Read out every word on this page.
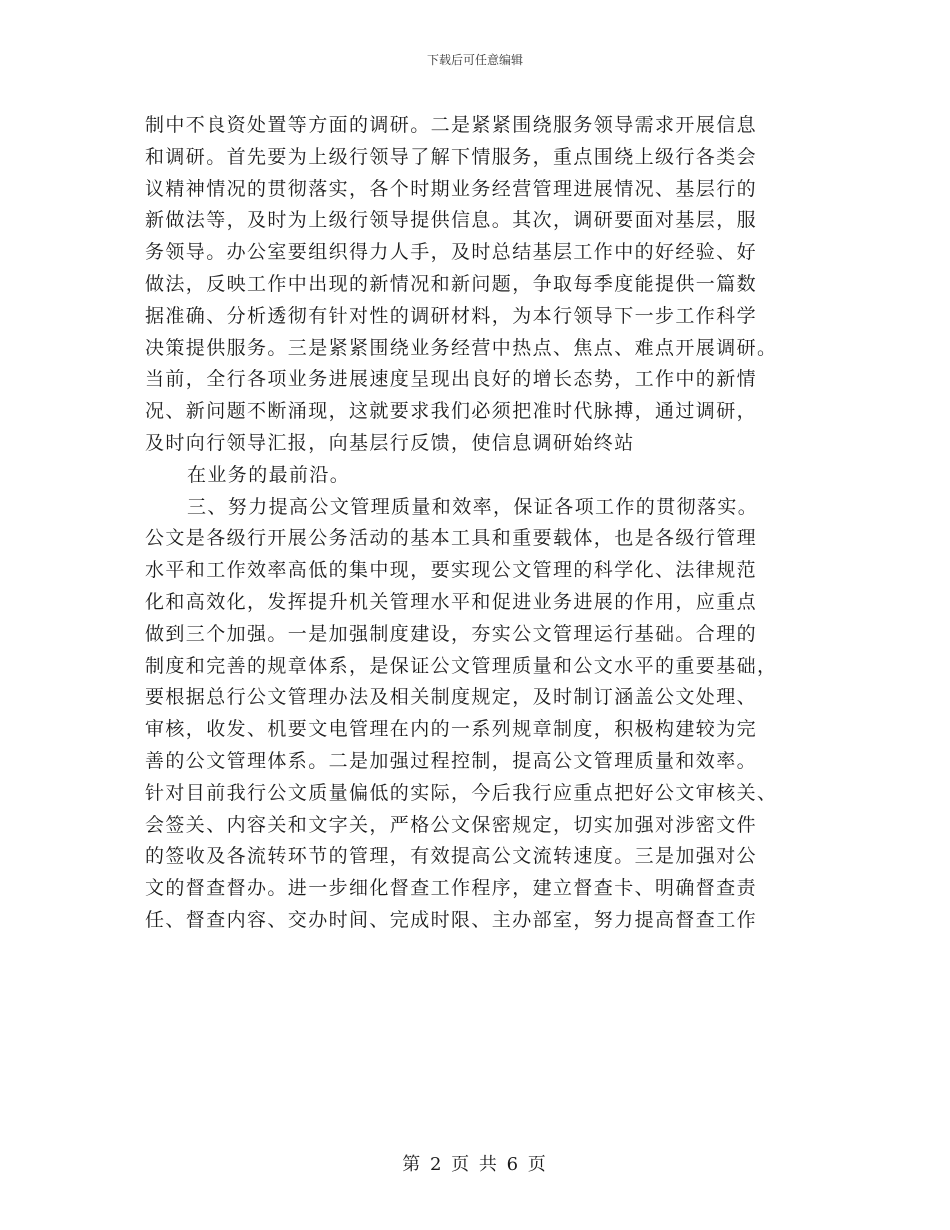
下载后可任意编辑
制中不良资处置等方面的调研。二是紧紧围绕服务领导需求开展信息
和调研。首先要为上级行领导了解下情服务，重点围绕上级行各类会
议精神情况的贯彻落实，各个时期业务经营管理进展情况、基层行的
新做法等，及时为上级行领导提供信息。其次，调研要面对基层，服
务领导。办公室要组织得力人手，及时总结基层工作中的好经验、好
做法，反映工作中出现的新情况和新问题，争取每季度能提供一篇数
据准确、分析透彻有针对性的调研材料，为本行领导下一步工作科学
决策提供服务。三是紧紧围绕业务经营中热点、焦点、难点开展调研。
当前，全行各项业务进展速度呈现出良好的增长态势，工作中的新情
况、新问题不断涌现，这就要求我们必须把准时代脉搏，通过调研，
及时向行领导汇报，向基层行反馈，使信息调研始终站
在业务的最前沿。
三、努力提高公文管理质量和效率，保证各项工作的贯彻落实。
公文是各级行开展公务活动的基本工具和重要载体，也是各级行管理
水平和工作效率高低的集中现，要实现公文管理的科学化、法律规范
化和高效化，发挥提升机关管理水平和促进业务进展的作用，应重点
做到三个加强。一是加强制度建设，夯实公文管理运行基础。合理的
制度和完善的规章体系，是保证公文管理质量和公文水平的重要基础，
要根据总行公文管理办法及相关制度规定，及时制订涵盖公文处理、
审核，收发、机要文电管理在内的一系列规章制度，积极构建较为完
善的公文管理体系。二是加强过程控制，提高公文管理质量和效率。
针对目前我行公文质量偏低的实际，今后我行应重点把好公文审核关、
会签关、内容关和文字关，严格公文保密规定，切实加强对涉密文件
的签收及各流转环节的管理，有效提高公文流转速度。三是加强对公
文的督查督办。进一步细化督查工作程序，建立督查卡、明确督查责
任、督查内容、交办时间、完成时限、主办部室，努力提高督查工作
第 2 页 共 6 页
